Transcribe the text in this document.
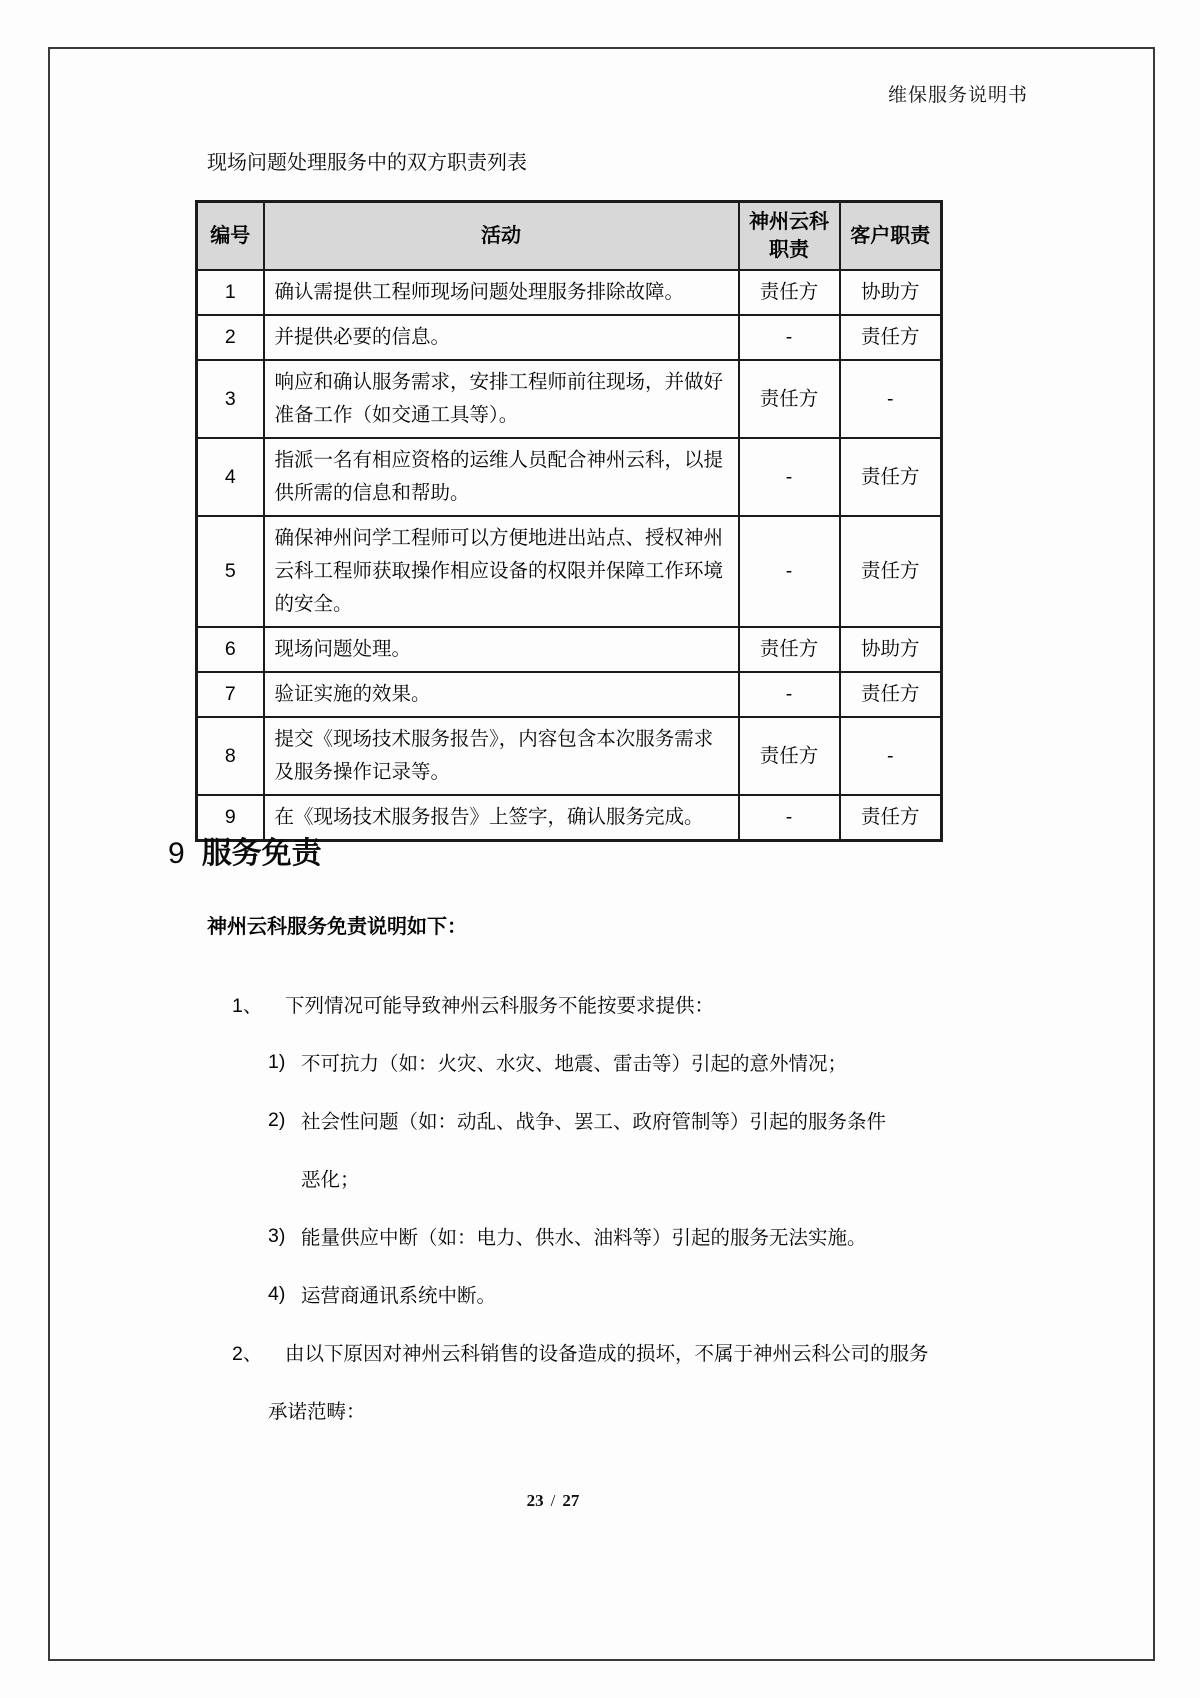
维保服务说明书
现场问题处理服务中的双方职责列表
编号	活动	神州云科职责	客户职责
1	确认需提供工程师现场问题处理服务排除故障。	责任方	协助方
2	并提供必要的信息。	-	责任方
3	响应和确认服务需求，安排工程师前往现场，并做好准备工作（如交通工具等）。	责任方	-
4	指派一名有相应资格的运维人员配合神州云科，以提供所需的信息和帮助。	-	责任方
5	确保神州问学工程师可以方便地进出站点、授权神州云科工程师获取操作相应设备的权限并保障工作环境的安全。	-	责任方
6	现场问题处理。	责任方	协助方
7	验证实施的效果。	-	责任方
8	提交《现场技术服务报告》，内容包含本次服务需求及服务操作记录等。	责任方	-
9	在《现场技术服务报告》上签字，确认服务完成。	-	责任方
9 服务免责
神州云科服务免责说明如下：
1、	下列情况可能导致神州云科服务不能按要求提供：
1) 不可抗力（如：火灾、水灾、地震、雷击等）引起的意外情况；
2) 社会性问题（如：动乱、战争、罢工、政府管制等）引起的服务条件
恶化；
3) 能量供应中断（如：电力、供水、油料等）引起的服务无法实施。
4) 运营商通讯系统中断。
2、	由以下原因对神州云科销售的设备造成的损坏，不属于神州云科公司的服务
承诺范畴：
23 / 27
